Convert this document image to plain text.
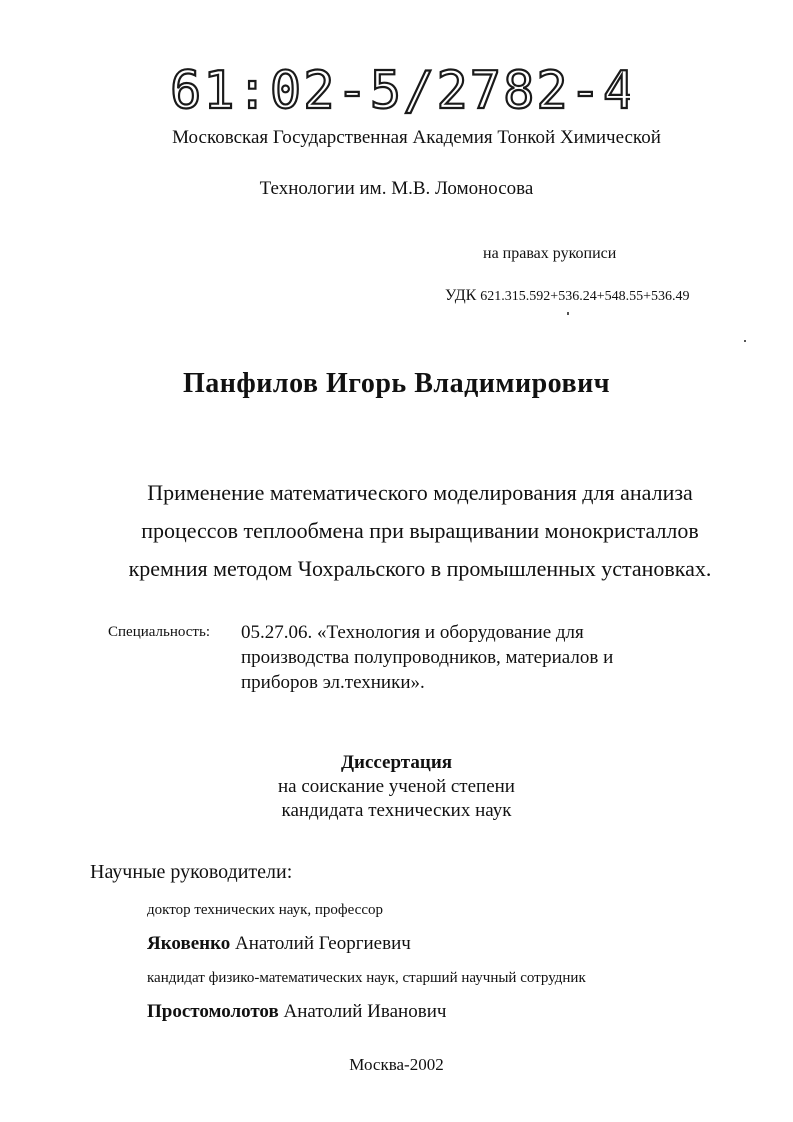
61:02-5/2782-4
Московская Государственная Академия Тонкой Химической
Технологии им. М.В. Ломоносова
на правах рукописи
УДК 621.315.592+536.24+548.55+536.49
Панфилов Игорь Владимирович
Применение математического моделирования для анализа
процессов теплообмена при выращивании монокристаллов
кремния методом Чохральского в промышленных установках.
Специальность: 05.27.06. «Технология и оборудование для
производства полупроводников, материалов и
приборов эл.техники».
Диссертация
на соискание ученой степени
кандидата технических наук
Научные руководители:
доктор технических наук, профессор
Яковенко Анатолий Георгиевич
кандидат физико-математических наук, старший научный сотрудник
Простомолотов Анатолий Иванович
Москва-2002
